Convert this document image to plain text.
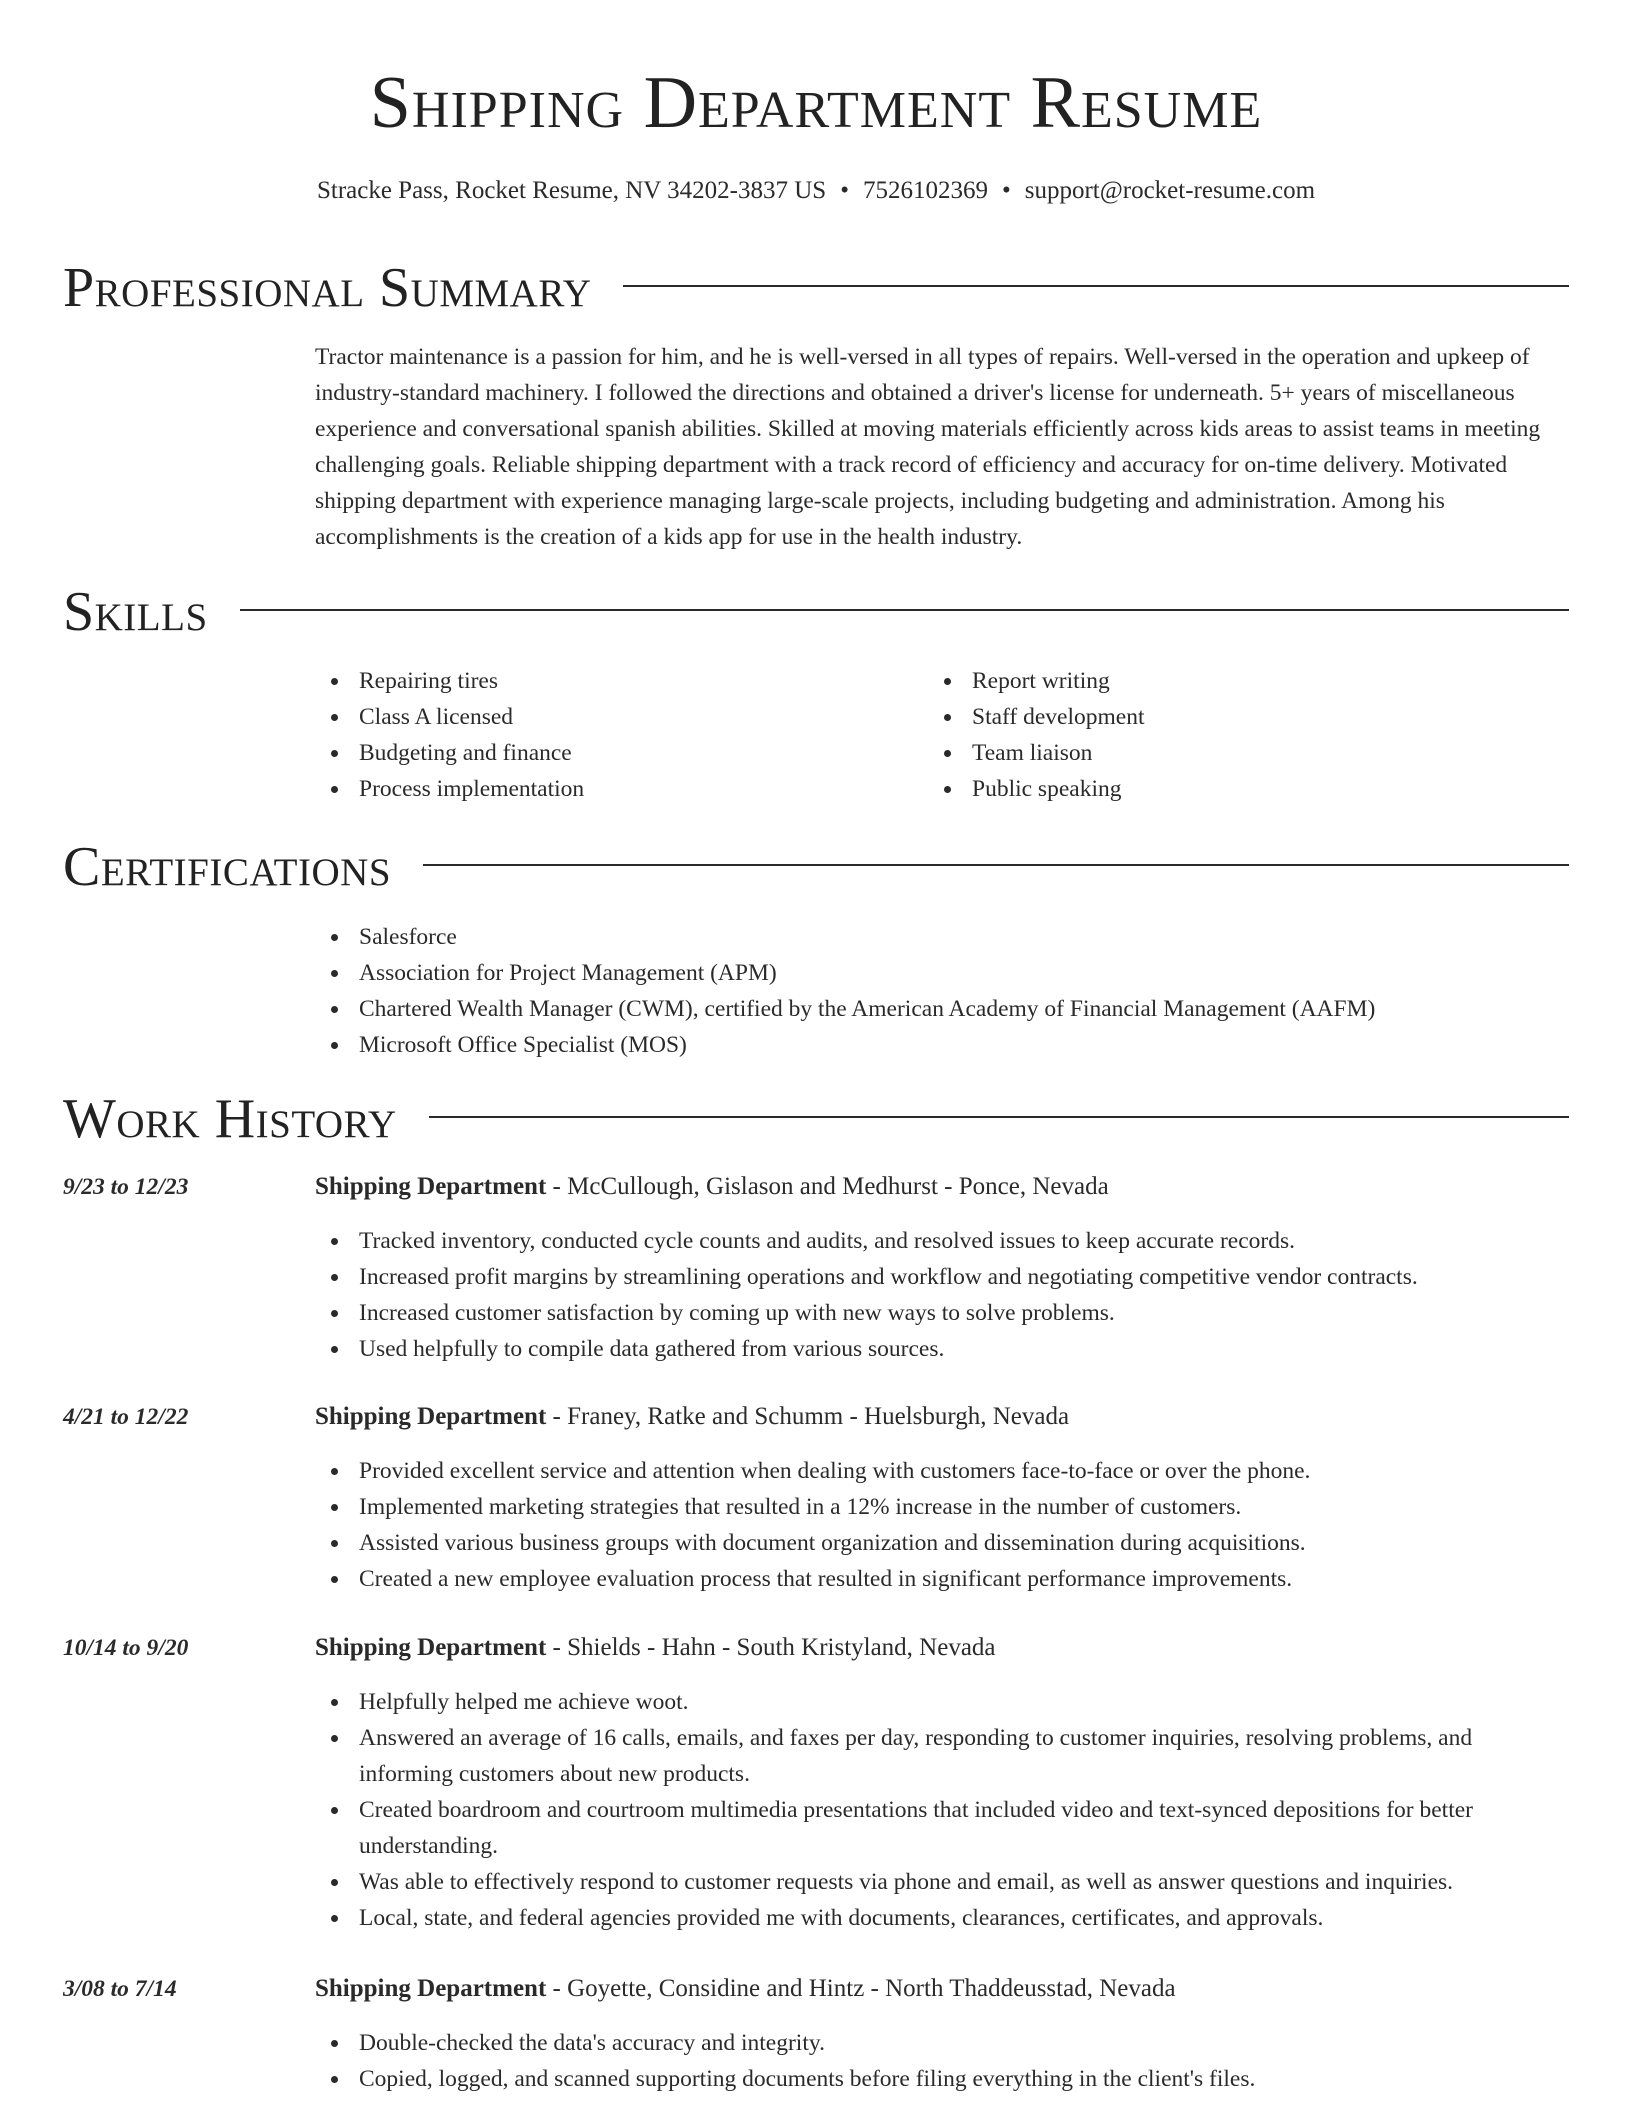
Shipping Department Resume
Stracke Pass, Rocket Resume, NV 34202-3837 US • 7526102369 • support@rocket-resume.com
Professional Summary

Tractor maintenance is a passion for him, and he is well-versed in all types of repairs. Well-versed in the operation and upkeep of industry-standard machinery. I followed the directions and obtained a driver's license for underneath. 5+ years of miscellaneous experience and conversational spanish abilities. Skilled at moving materials efficiently across kids areas to assist teams in meeting challenging goals. Reliable shipping department with a track record of efficiency and accuracy for on-time delivery. Motivated shipping department with experience managing large-scale projects, including budgeting and administration. Among his accomplishments is the creation of a kids app for use in the health industry.

Skills
Repairing tires
Class A licensed
Budgeting and finance
Process implementation
Report writing
Staff development
Team liaison
Public speaking
Certifications
Salesforce
Association for Project Management (APM)
Chartered Wealth Manager (CWM), certified by the American Academy of Financial Management (AAFM)
Microsoft Office Specialist (MOS)
Work History
9/23 to 12/23	Shipping Department - McCullough, Gislason and Medhurst - Ponce, Nevada
Tracked inventory, conducted cycle counts and audits, and resolved issues to keep accurate records.
Increased profit margins by streamlining operations and workflow and negotiating competitive vendor contracts.
Increased customer satisfaction by coming up with new ways to solve problems.
Used helpfully to compile data gathered from various sources.
4/21 to 12/22	Shipping Department - Franey, Ratke and Schumm - Huelsburgh, Nevada
Provided excellent service and attention when dealing with customers face-to-face or over the phone.
Implemented marketing strategies that resulted in a 12% increase in the number of customers.
Assisted various business groups with document organization and dissemination during acquisitions.
Created a new employee evaluation process that resulted in significant performance improvements.
10/14 to 9/20	Shipping Department - Shields - Hahn - South Kristyland, Nevada
Helpfully helped me achieve woot.
Answered an average of 16 calls, emails, and faxes per day, responding to customer inquiries, resolving problems, and informing customers about new products.
Created boardroom and courtroom multimedia presentations that included video and text-synced depositions for better understanding.
Was able to effectively respond to customer requests via phone and email, as well as answer questions and inquiries.
Local, state, and federal agencies provided me with documents, clearances, certificates, and approvals.
3/08 to 7/14	Shipping Department - Goyette, Considine and Hintz - North Thaddeusstad, Nevada
Double-checked the data's accuracy and integrity.
Copied, logged, and scanned supporting documents before filing everything in the client's files.
